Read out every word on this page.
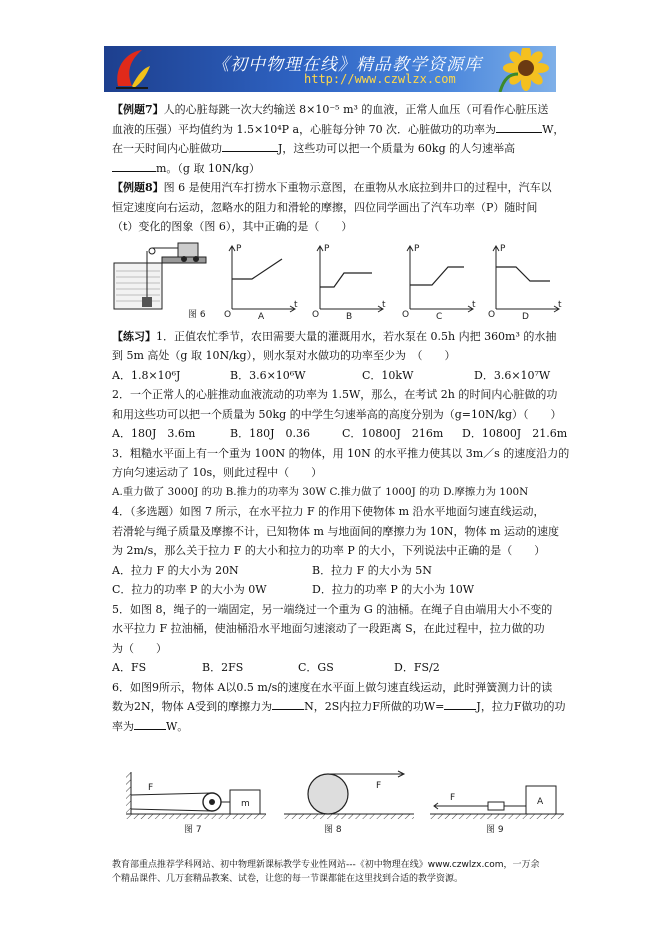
《初中物理在线》精品教学资源库
http://www.czwlzx.com

【例题7】人的心脏每跳一次大约输送 8×10⁻⁵ m³ 的血液，正常人血压（可看作心脏压送

血液的压强）平均值约为 1.5×10⁴P a，心脏每分钟 70 次．心脏做功的功率为	W，

在一天时间内心脏做功	J，这些功可以把一个质量为 60kg 的人匀速举高

m。（g 取 10N/kg）

【例题8】图 6 是使用汽车打捞水下重物示意图，在重物从水底拉到井口的过程中，汽车以

恒定速度向右运动，忽略水的阻力和滑轮的摩擦，四位同学画出了汽车功率（P）随时间

（t）变化的图象（图 6），其中正确的是（　　）

图 6
P
t
O	A
P
t
O	B
P
t
O	C
P
t
O	D

【练习】1．正值农忙季节，农田需要大量的灌溉用水，若水泵在 0.5h 内把 360m³ 的水抽

到 5m 高处（g 取 10N/kg），则水泵对水做功的功率至少为　（　　）

A．1.8×10⁶J	B．3.6×10⁶W	C．10kW	D．3.6×10⁷W

2．一个正常人的心脏推动血液流动的功率为 1.5W，那么，在考试 2h 的时间内心脏做的功

和用这些功可以把一个质量为 50kg 的中学生匀速举高的高度分别为（g=10N/kg）（　　）

A．180J　3.6m	B．180J　0.36	C．10800J　216m	D．10800J　21.6m

3．粗糙水平面上有一个重为 100N 的物体，用 10N 的水平推力使其以 3m／s 的速度沿力的

方向匀速运动了 10s，则此过程中（　　）

A.重力做了 3000J 的功 B.推力的功率为 30W C.推力做了 1000J 的功 D.摩擦力为 100N

4．（多选题）如图 7 所示，在水平拉力 F 的作用下使物体 m 沿水平地面匀速直线运动，

若滑轮与绳子质量及摩擦不计，已知物体 m 与地面间的摩擦力为 10N，物体 m 运动的速度

为 2m/s，那么关于拉力 F 的大小和拉力的功率 P 的大小，下列说法中正确的是（　　）

A．拉力 F 的大小为 20N	B．拉力 F 的大小为 5N
C．拉力的功率 P 的大小为 0W	D．拉力的功率 P 的大小为 10W

5．如图 8，绳子的一端固定，另一端绕过一个重为 G 的油桶。在绳子自由端用大小不变的

水平拉力 F 拉油桶，使油桶沿水平地面匀速滚动了一段距离 S，在此过程中，拉力做的功

为（　　）

A．FS	B．2FS	C．GS	D．FS/2

6．如图9所示，物体 A以0.5 m/s的速度在水平面上做匀速直线运动，此时弹簧测力计的读

数为2N，物体 A受到的摩擦力为	N，2S内拉力F所做的功W=	J，拉力F做功的功

率为	W。

F
m
图 7
F
图 8
F	A
图 9

教育部重点推荐学科网站、初中物理新课标教学专业性网站---《初中物理在线》www.czwlzx.com，一万余

个精品课件、几万套精品教案、试卷，让您的每一节课都能在这里找到合适的教学资源。
